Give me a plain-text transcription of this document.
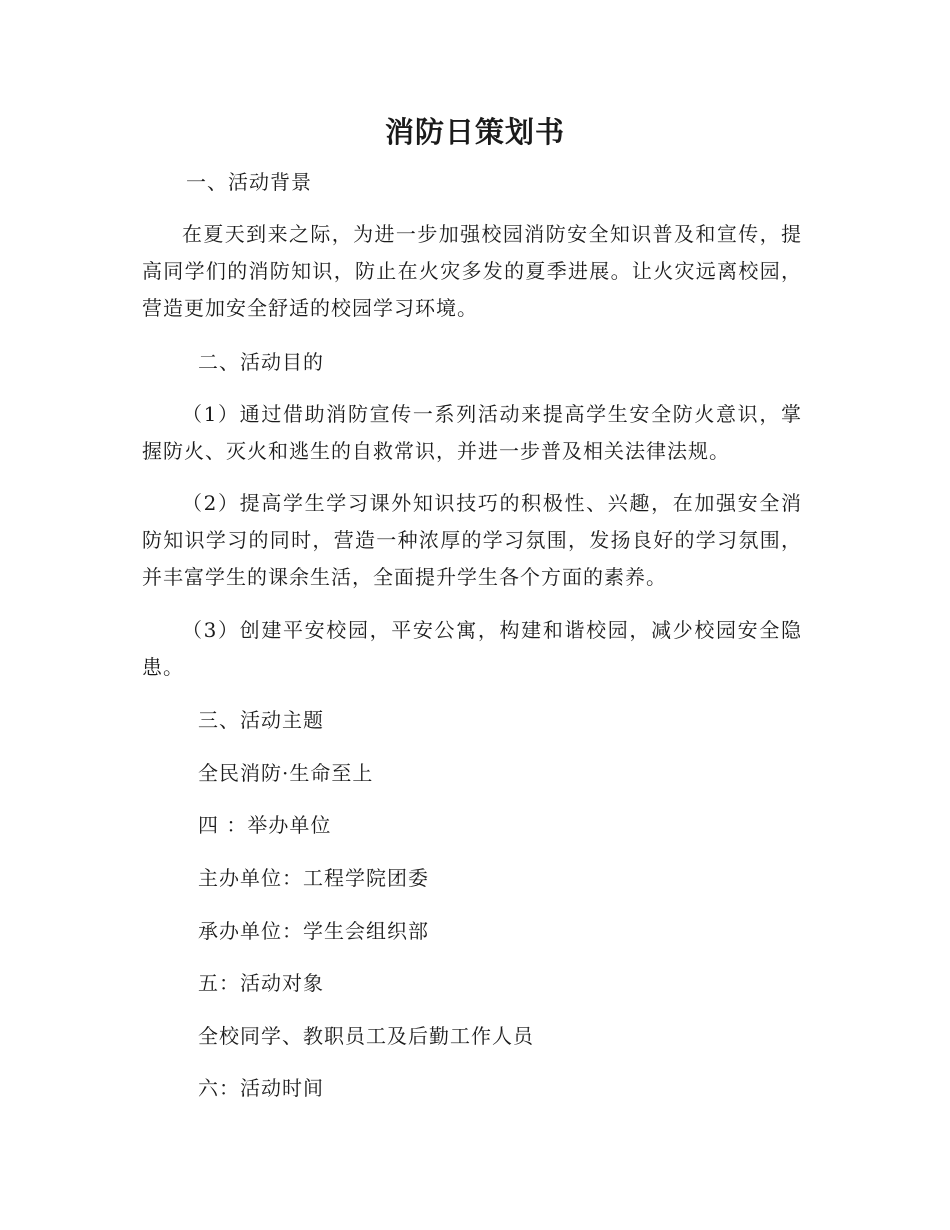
消防日策划书

一、活动背景

在夏天到来之际，为进一步加强校园消防安全知识普及和宣传，提高同学们的消防知识，防止在火灾多发的夏季进展。让火灾远离校园，营造更加安全舒适的校园学习环境。

二、活动目的

（1）通过借助消防宣传一系列活动来提高学生安全防火意识，掌握防火、灭火和逃生的自救常识，并进一步普及相关法律法规。

（2）提高学生学习课外知识技巧的积极性、兴趣，在加强安全消防知识学习的同时，营造一种浓厚的学习氛围，发扬良好的学习氛围，并丰富学生的课余生活，全面提升学生各个方面的素养。

（3）创建平安校园，平安公寓，构建和谐校园，减少校园安全隐患。

三、活动主题

全民消防·生命至上

四 ：举办单位

主办单位：工程学院团委

承办单位：学生会组织部

五：活动对象

全校同学、教职员工及后勤工作人员

六：活动时间
